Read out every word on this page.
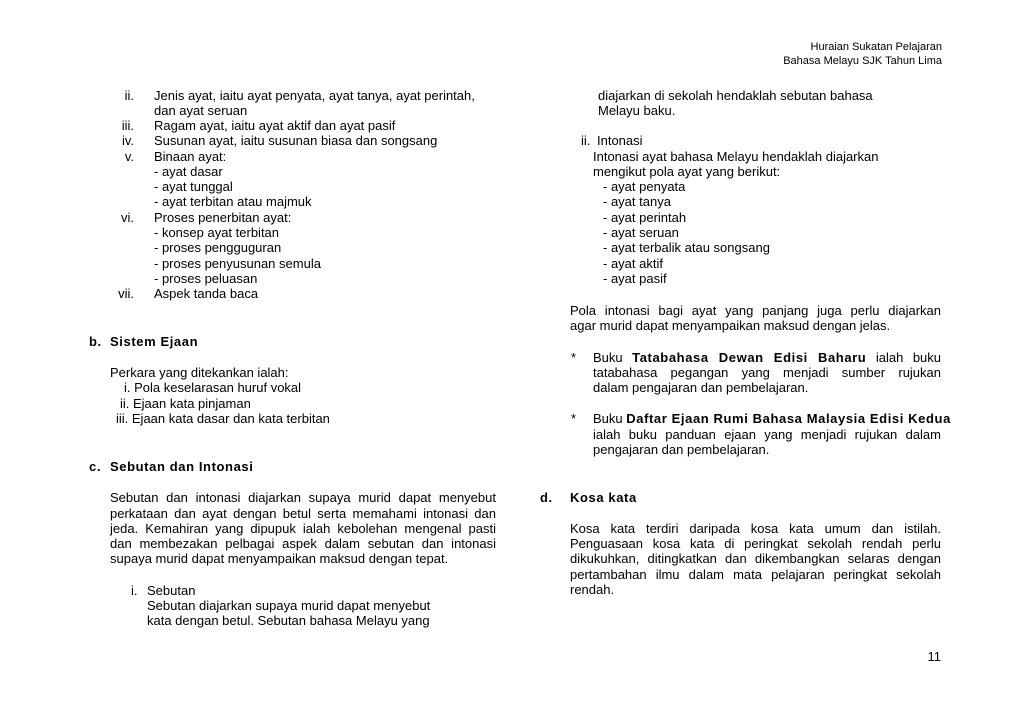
Huraian Sukatan Pelajaran
Bahasa Melayu SJK Tahun Lima
ii. Jenis ayat, iaitu ayat penyata, ayat tanya, ayat perintah,
dan ayat seruan
iii. Ragam ayat, iaitu ayat aktif dan ayat pasif
iv. Susunan ayat, iaitu susunan biasa dan songsang
v. Binaan ayat:
- ayat dasar
- ayat tunggal
- ayat terbitan atau majmuk
vi. Proses penerbitan ayat:
- konsep ayat terbitan
- proses pengguguran
- proses penyusunan semula
- proses peluasan
vii. Aspek tanda baca
b. Sistem Ejaan
Perkara yang ditekankan ialah:
i. Pola keselarasan huruf vokal
ii. Ejaan kata pinjaman
iii. Ejaan kata dasar dan kata terbitan
c. Sebutan dan Intonasi
Sebutan dan intonasi diajarkan supaya murid dapat menyebut
perkataan dan ayat dengan betul serta memahami intonasi dan
jeda. Kemahiran yang dipupuk ialah kebolehan mengenal pasti
dan membezakan pelbagai aspek dalam sebutan dan intonasi
supaya murid dapat menyampaikan maksud dengan tepat.
i. Sebutan
Sebutan diajarkan supaya murid dapat menyebut
kata dengan betul. Sebutan bahasa Melayu yang
diajarkan di sekolah hendaklah sebutan bahasa
Melayu baku.
ii. Intonasi
Intonasi ayat bahasa Melayu hendaklah diajarkan
mengikut pola ayat yang berikut:
- ayat penyata
- ayat tanya
- ayat perintah
- ayat seruan
- ayat terbalik atau songsang
- ayat aktif
- ayat pasif
Pola intonasi bagi ayat yang panjang juga perlu diajarkan
agar murid dapat menyampaikan maksud dengan jelas.
* Buku Tatabahasa Dewan Edisi Baharu ialah buku
tatabahasa pegangan yang menjadi sumber rujukan
dalam pengajaran dan pembelajaran.
* Buku Daftar Ejaan Rumi Bahasa Malaysia Edisi Kedua
ialah buku panduan ejaan yang menjadi rujukan dalam
pengajaran dan pembelajaran.
d. Kosa kata
Kosa kata terdiri daripada kosa kata umum dan istilah.
Penguasaan kosa kata di peringkat sekolah rendah perlu
dikukuhkan, ditingkatkan dan dikembangkan selaras dengan
pertambahan ilmu dalam mata pelajaran peringkat sekolah
rendah.
11
